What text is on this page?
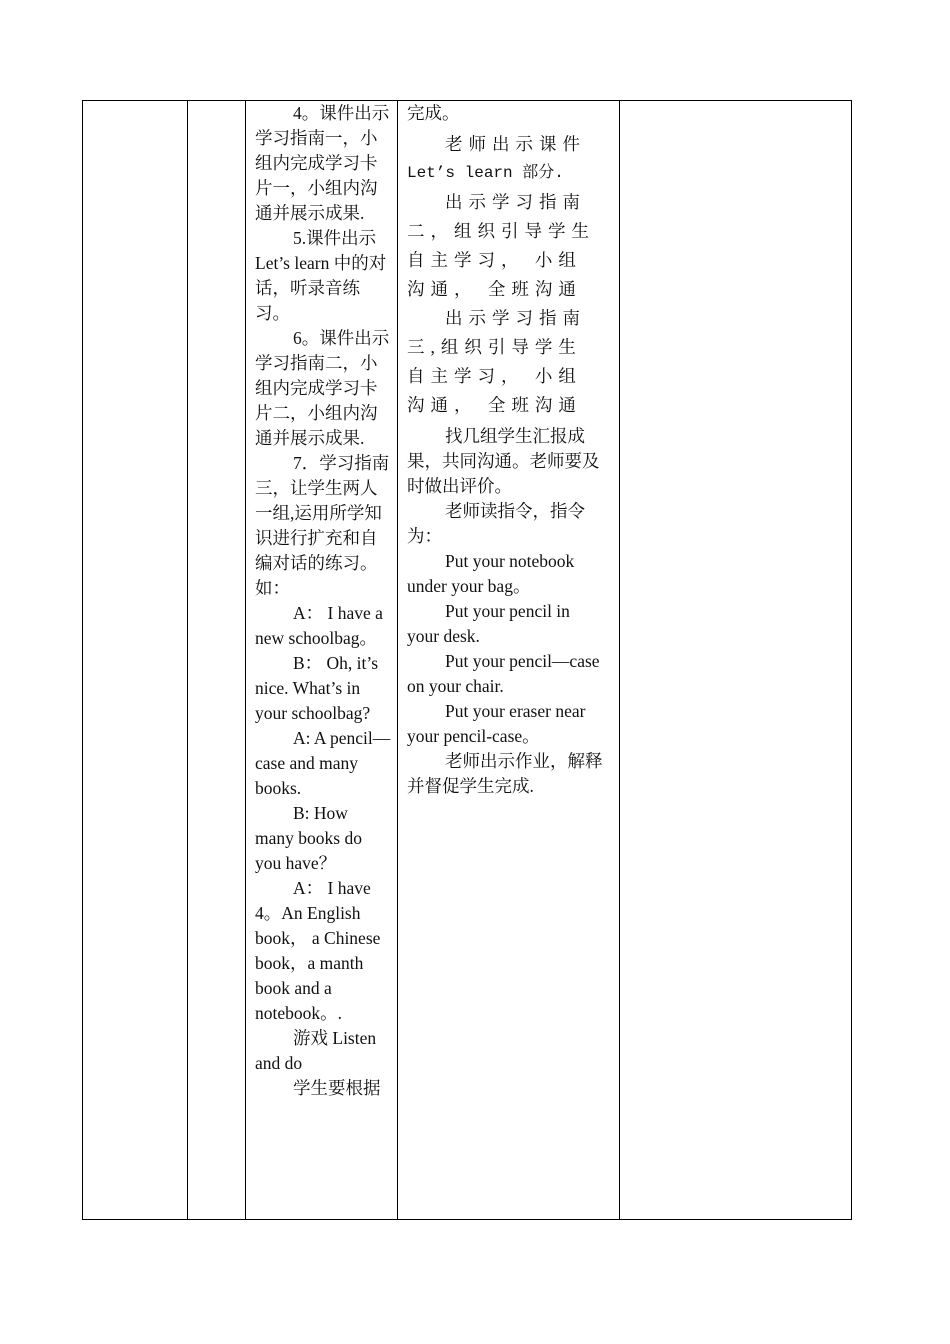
4。课件出示学习指南一，小组内完成学习卡片一，小组内沟通并展示成果.

5.课件出示 Let’s learn 中的对话，听录音练习。

6。课件出示学习指南二，小组内完成学习卡片二，小组内沟通并展示成果.

7．学习指南三，让学生两人一组,运用所学知识进行扩充和自编对话的练习。如：

A： I have a new schoolbag。

B： Oh, it’s nice. What’s in your schoolbag?

A: A pencil—case and many books.

B: How many books do you have？

A： I have 4。An English book， a Chinese book，a manth book and a notebook。.

游戏 Listen and do

学生要根据

完成。

老师出示课件

Let’s learn 部分.

出示学习指南二，组织引导学生自主学习， 小组沟通， 全班沟通

出示学习指南三,组织引导学生自主学习， 小组沟通， 全班沟通

找几组学生汇报成果，共同沟通。老师要及时做出评价。

老师读指令，指令为：

Put your notebook under your bag。

Put your pencil in your desk.

Put your pencil—case on your chair.

Put your eraser near your pencil-case。

老师出示作业，解释并督促学生完成.
